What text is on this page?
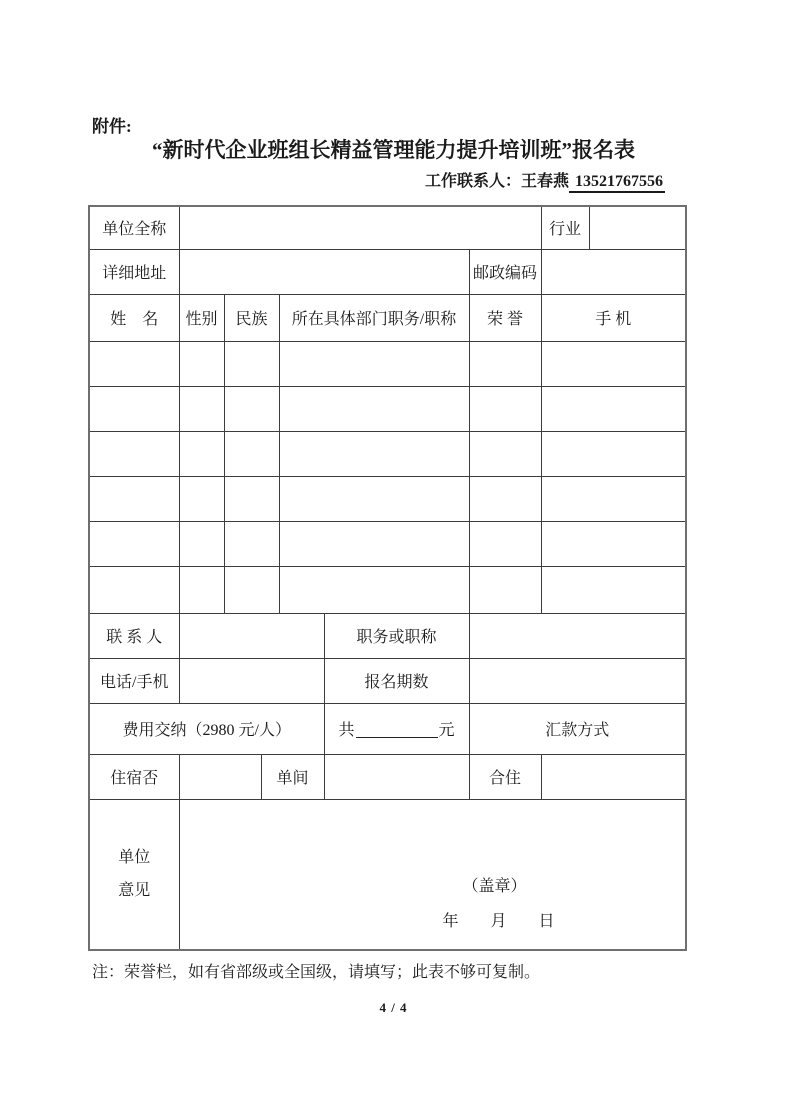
附件:
“新时代企业班组长精益管理能力提升培训班”报名表
工作联系人：王春燕 13521767556
单位全称							行业	
详细地址						邮政编码		
姓　名	性别	民族		所在具体部门职务/职称		荣 誉	手 机	

联 系 人					职务或职称			
电话/手机					报名期数			
费用交纳（2980 元/人）					共 元	汇款方式		
住宿否			单间			合住		

单位
意见	（盖章）
年　　月　　日
注：荣誉栏，如有省部级或全国级，请填写；此表不够可复制。
4 / 4
